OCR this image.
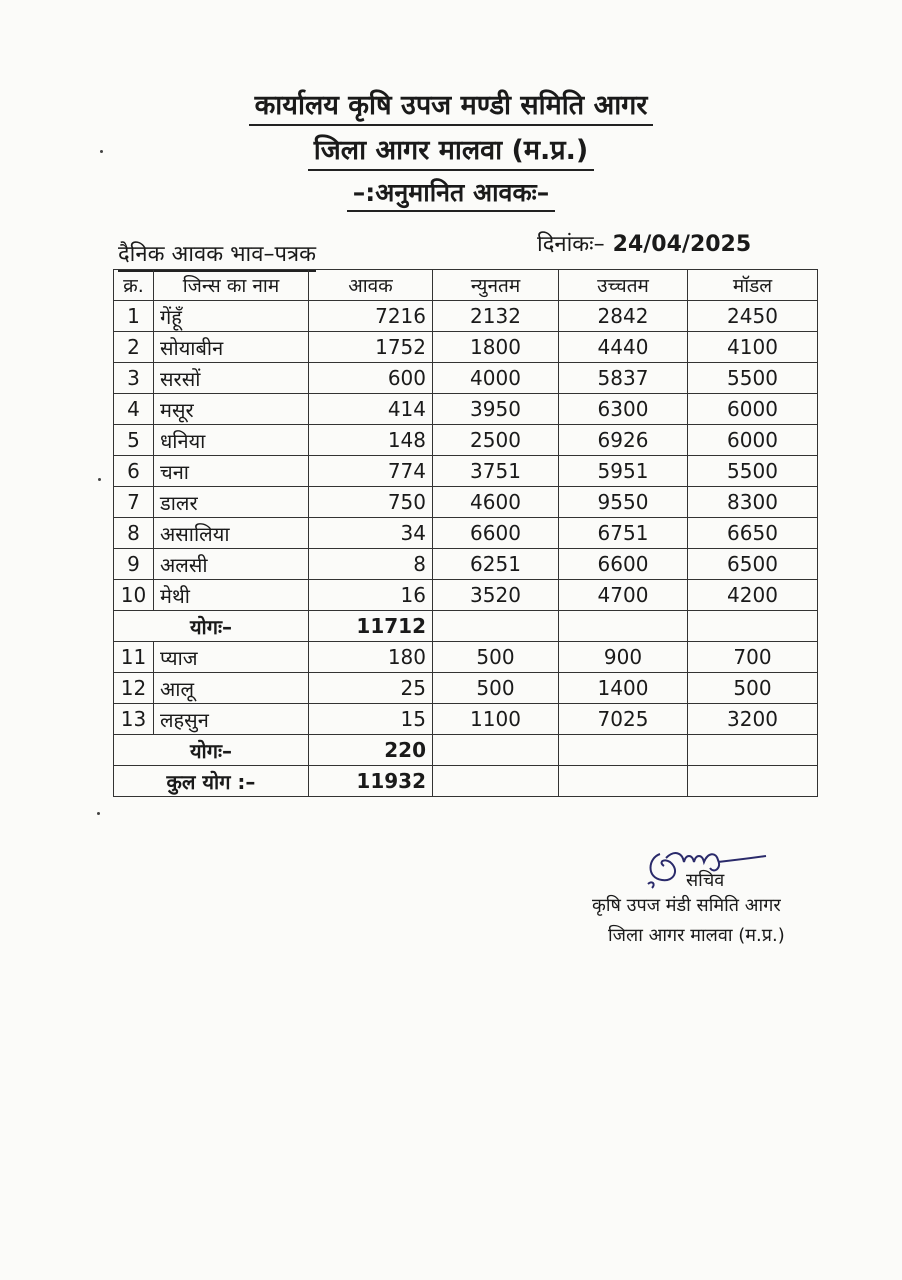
कार्यालय कृषि उपज मण्डी समिति आगर
जिला आगर मालवा (म.प्र.)
–:अनुमानित आवकः–
दैनिक आवक भाव–पत्रक	दिनांकः– 24/04/2025
क्र.	जिन्स का नाम	आवक	न्युनतम	उच्चतम	मॉडल
1	गेंहूँ	7216	2132	2842	2450
2	सोयाबीन	1752	1800	4440	4100
3	सरसों	600	4000	5837	5500
4	मसूर	414	3950	6300	6000
5	धनिया	148	2500	6926	6000
6	चना	774	3751	5951	5500
7	डालर	750	4600	9550	8300
8	असालिया	34	6600	6751	6650
9	अलसी	8	6251	6600	6500
10	मेथी	16	3520	4700	4200
योगः–		11712			
11	प्याज	180	500	900	700
12	आलू	25	500	1400	500
13	लहसुन	15	1100	7025	3200
योगः–		220			
कुल योग :–		11932			
सचिव
कृषि उपज मंडी समिति आगर
जिला आगर मालवा (म.प्र.)
